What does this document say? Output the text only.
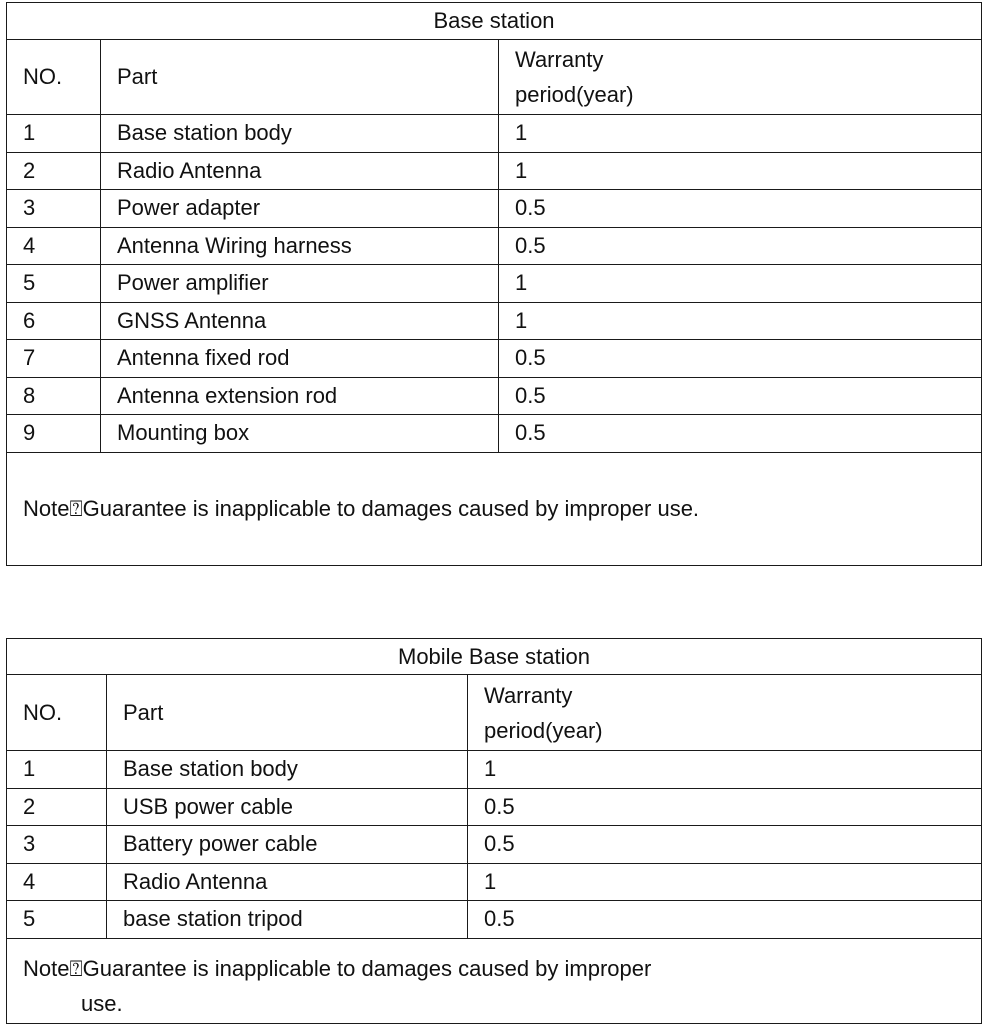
Base station		
NO.	Part	Warranty
period(year)
1	Base station body	1
2	Radio Antenna	1
3	Power adapter	0.5
4	Antenna Wiring harness	0.5
5	Power amplifier	1
6	GNSS Antenna	1
7	Antenna fixed rod	0.5
8	Antenna extension rod	0.5
9	Mounting box	0.5
Note⍰Guarantee is inapplicable to damages caused by improper use.		
Mobile Base station		
NO.	Part	Warranty
period(year)
1	Base station body	1
2	USB power cable	0.5
3	Battery power cable	0.5
4	Radio Antenna	1
5	base station tripod	0.5
Note⍰Guarantee is inapplicable to damages caused by improper
use.		
